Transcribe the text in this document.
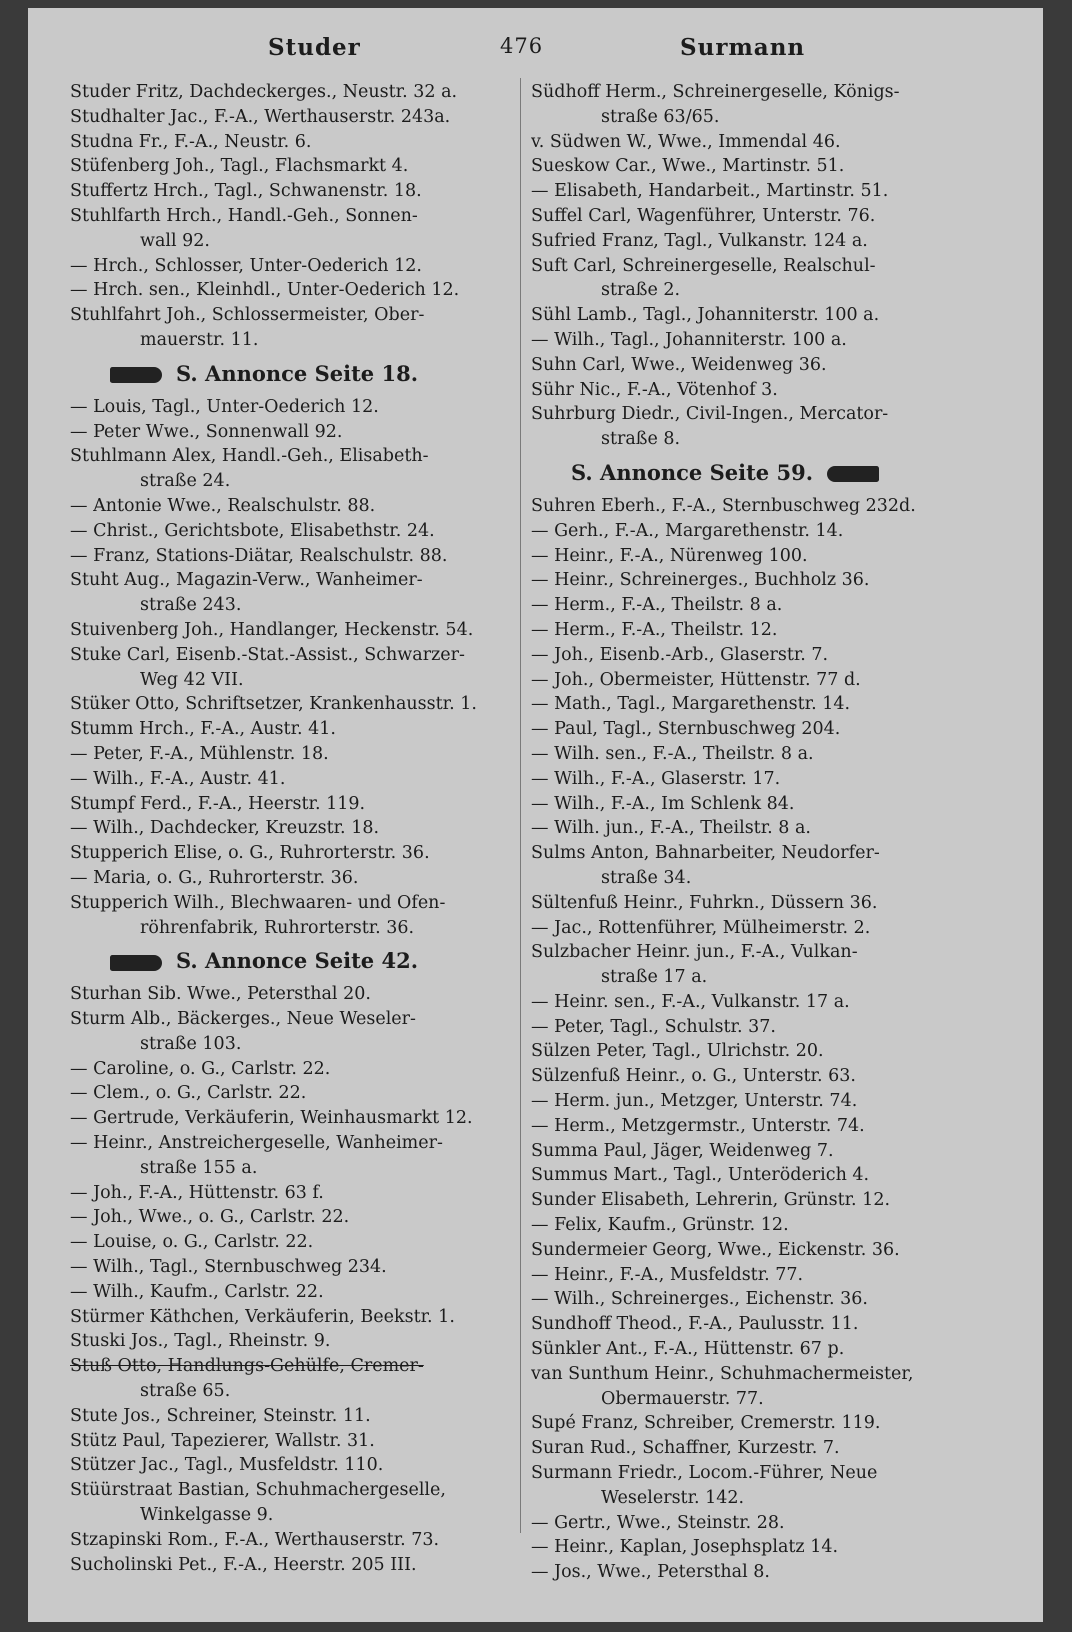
Studer	476	Surmann
Studer Fritz, Dachdeckerges., Neustr. 32 a.
Studhalter Jac., F.-A., Werthauserstr. 243a.
Studna Fr., F.-A., Neustr. 6.
Stüfenberg Joh., Tagl., Flachsmarkt 4.
Stuffertz Hrch., Tagl., Schwanenstr. 18.
Stuhlfarth Hrch., Handl.-Geh., Sonnen-
wall 92.
— Hrch., Schlosser, Unter-Oederich 12.
— Hrch. sen., Kleinhdl., Unter-Oederich 12.
Stuhlfahrt Joh., Schlossermeister, Ober-
mauerstr. 11.
S. Annonce Seite 18.
— Louis, Tagl., Unter-Oederich 12.
— Peter Wwe., Sonnenwall 92.
Stuhlmann Alex, Handl.-Geh., Elisabeth-
straße 24.
— Antonie Wwe., Realschulstr. 88.
— Christ., Gerichtsbote, Elisabethstr. 24.
— Franz, Stations-Diätar, Realschulstr. 88.
Stuht Aug., Magazin-Verw., Wanheimer-
straße 243.
Stuivenberg Joh., Handlanger, Heckenstr. 54.
Stuke Carl, Eisenb.-Stat.-Assist., Schwarzer-
Weg 42 VII.
Stüker Otto, Schriftsetzer, Krankenhausstr. 1.
Stumm Hrch., F.-A., Austr. 41.
— Peter, F.-A., Mühlenstr. 18.
— Wilh., F.-A., Austr. 41.
Stumpf Ferd., F.-A., Heerstr. 119.
— Wilh., Dachdecker, Kreuzstr. 18.
Stupperich Elise, o. G., Ruhrorterstr. 36.
— Maria, o. G., Ruhrorterstr. 36.
Stupperich Wilh., Blechwaaren- und Ofen-
röhrenfabrik, Ruhrorterstr. 36.
S. Annonce Seite 42.
Sturhan Sib. Wwe., Petersthal 20.
Sturm Alb., Bäckerges., Neue Weseler-
straße 103.
— Caroline, o. G., Carlstr. 22.
— Clem., o. G., Carlstr. 22.
— Gertrude, Verkäuferin, Weinhausmarkt 12.
— Heinr., Anstreichergeselle, Wanheimer-
straße 155 a.
— Joh., F.-A., Hüttenstr. 63 f.
— Joh., Wwe., o. G., Carlstr. 22.
— Louise, o. G., Carlstr. 22.
— Wilh., Tagl., Sternbuschweg 234.
— Wilh., Kaufm., Carlstr. 22.
Stürmer Käthchen, Verkäuferin, Beekstr. 1.
Stuski Jos., Tagl., Rheinstr. 9.
Stuß Otto, Handlungs-Gehülfe, Cremer-
straße 65.
Stute Jos., Schreiner, Steinstr. 11.
Stütz Paul, Tapezierer, Wallstr. 31.
Stützer Jac., Tagl., Musfeldstr. 110.
Stüürstraat Bastian, Schuhmachergeselle,
Winkelgasse 9.
Stzapinski Rom., F.-A., Werthauserstr. 73.
Sucholinski Pet., F.-A., Heerstr. 205 III.
Südhoff Herm., Schreinergeselle, Königs-
straße 63/65.
v. Südwen W., Wwe., Immendal 46.
Sueskow Car., Wwe., Martinstr. 51.
— Elisabeth, Handarbeit., Martinstr. 51.
Suffel Carl, Wagenführer, Unterstr. 76.
Sufried Franz, Tagl., Vulkanstr. 124 a.
Suft Carl, Schreinergeselle, Realschul-
straße 2.
Sühl Lamb., Tagl., Johanniterstr. 100 a.
— Wilh., Tagl., Johanniterstr. 100 a.
Suhn Carl, Wwe., Weidenweg 36.
Sühr Nic., F.-A., Vötenhof 3.
Suhrburg Diedr., Civil-Ingen., Mercator-
straße 8.
S. Annonce Seite 59.
Suhren Eberh., F.-A., Sternbuschweg 232d.
— Gerh., F.-A., Margarethenstr. 14.
— Heinr., F.-A., Nürenweg 100.
— Heinr., Schreinerges., Buchholz 36.
— Herm., F.-A., Theilstr. 8 a.
— Herm., F.-A., Theilstr. 12.
— Joh., Eisenb.-Arb., Glaserstr. 7.
— Joh., Obermeister, Hüttenstr. 77 d.
— Math., Tagl., Margarethenstr. 14.
— Paul, Tagl., Sternbuschweg 204.
— Wilh. sen., F.-A., Theilstr. 8 a.
— Wilh., F.-A., Glaserstr. 17.
— Wilh., F.-A., Im Schlenk 84.
— Wilh. jun., F.-A., Theilstr. 8 a.
Sulms Anton, Bahnarbeiter, Neudorfer-
straße 34.
Sültenfuß Heinr., Fuhrkn., Düssern 36.
— Jac., Rottenführer, Mülheimerstr. 2.
Sulzbacher Heinr. jun., F.-A., Vulkan-
straße 17 a.
— Heinr. sen., F.-A., Vulkanstr. 17 a.
— Peter, Tagl., Schulstr. 37.
Sülzen Peter, Tagl., Ulrichstr. 20.
Sülzenfuß Heinr., o. G., Unterstr. 63.
— Herm. jun., Metzger, Unterstr. 74.
— Herm., Metzgermstr., Unterstr. 74.
Summa Paul, Jäger, Weidenweg 7.
Summus Mart., Tagl., Unteröderich 4.
Sunder Elisabeth, Lehrerin, Grünstr. 12.
— Felix, Kaufm., Grünstr. 12.
Sundermeier Georg, Wwe., Eickenstr. 36.
— Heinr., F.-A., Musfeldstr. 77.
— Wilh., Schreinerges., Eichenstr. 36.
Sundhoff Theod., F.-A., Paulusstr. 11.
Sünkler Ant., F.-A., Hüttenstr. 67 p.
van Sunthum Heinr., Schuhmachermeister,
Obermauerstr. 77.
Supé Franz, Schreiber, Cremerstr. 119.
Suran Rud., Schaffner, Kurzestr. 7.
Surmann Friedr., Locom.-Führer, Neue
Weselerstr. 142.
— Gertr., Wwe., Steinstr. 28.
— Heinr., Kaplan, Josephsplatz 14.
— Jos., Wwe., Petersthal 8.
